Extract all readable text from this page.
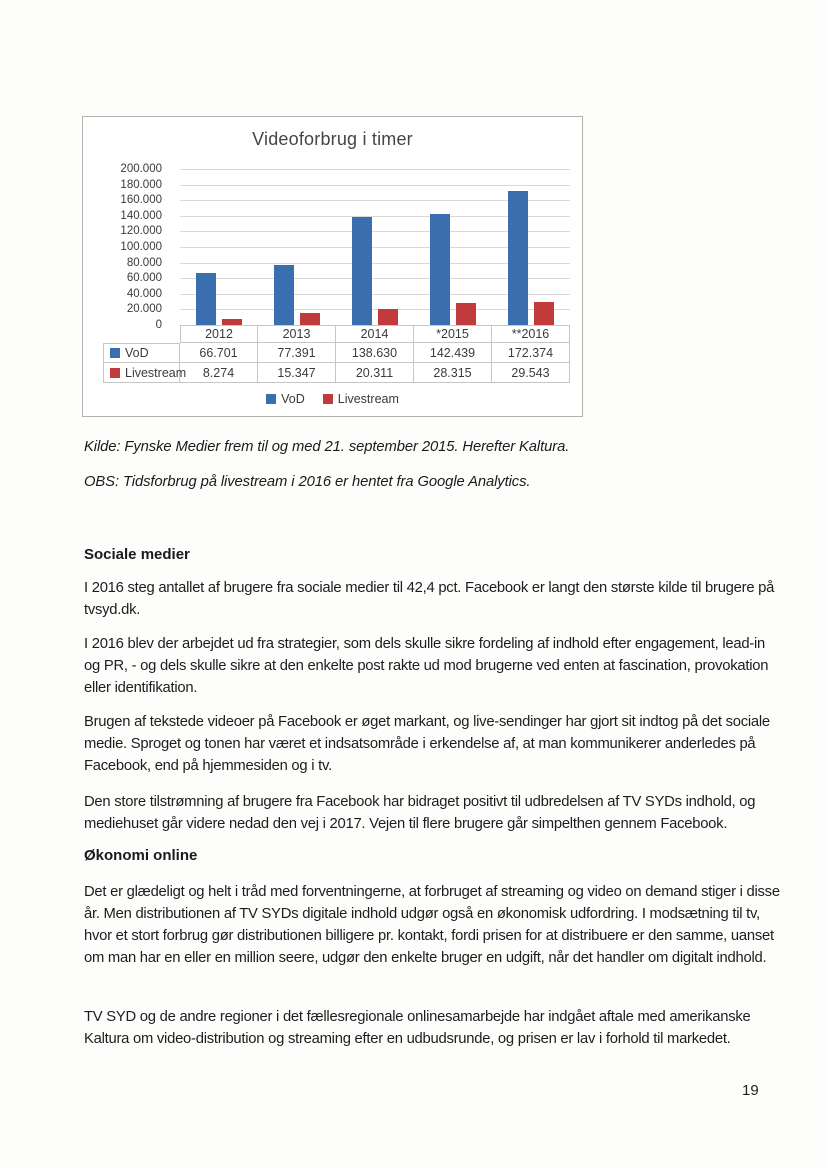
Videoforbrug i timer
200.000
180.000
160.000
140.000
120.000
100.000
80.000
60.000
40.000
20.000
0
2012	2013	2014	*2015	**2016
VoD	66.701	77.391	138.630	142.439	172.374
Livestream	8.274	15.347	20.311	28.315	29.543
VoD	Livestream

Kilde: Fynske Medier frem til og med 21. september 2015. Herefter Kaltura.

OBS: Tidsforbrug på livestream i 2016 er hentet fra Google Analytics.

Sociale medier

I 2016 steg antallet af brugere fra sociale medier til 42,4 pct. Facebook er langt den største kilde til brugere på tvsyd.dk.

I 2016 blev der arbejdet ud fra strategier, som dels skulle sikre fordeling af indhold efter engagement, lead-in og PR, - og dels skulle sikre at den enkelte post rakte ud mod brugerne ved enten at fascination, provokation eller identifikation.

Brugen af tekstede videoer på Facebook er øget markant, og live-sendinger har gjort sit indtog på det sociale medie. Sproget og tonen har været et indsatsområde i erkendelse af, at man kommunikerer anderledes på Facebook, end på hjemmesiden og i tv.

Den store tilstrømning af brugere fra Facebook har bidraget positivt til udbredelsen af TV SYDs indhold, og mediehuset går videre nedad den vej i 2017. Vejen til flere brugere går simpelthen gennem Facebook.

Økonomi online

Det er glædeligt og helt i tråd med forventningerne, at forbruget af streaming og video on demand stiger i disse år. Men distributionen af TV SYDs digitale indhold udgør også en økonomisk udfordring. I modsætning til tv, hvor et stort forbrug gør distributionen billigere pr. kontakt, fordi prisen for at distribuere er den samme, uanset om man har en eller en million seere, udgør den enkelte bruger en udgift, når det handler om digitalt indhold.

TV SYD og de andre regioner i det fællesregionale onlinesamarbejde har indgået aftale med amerikanske Kaltura om video-distribution og streaming efter en udbudsrunde, og prisen er lav i forhold til markedet.

19
